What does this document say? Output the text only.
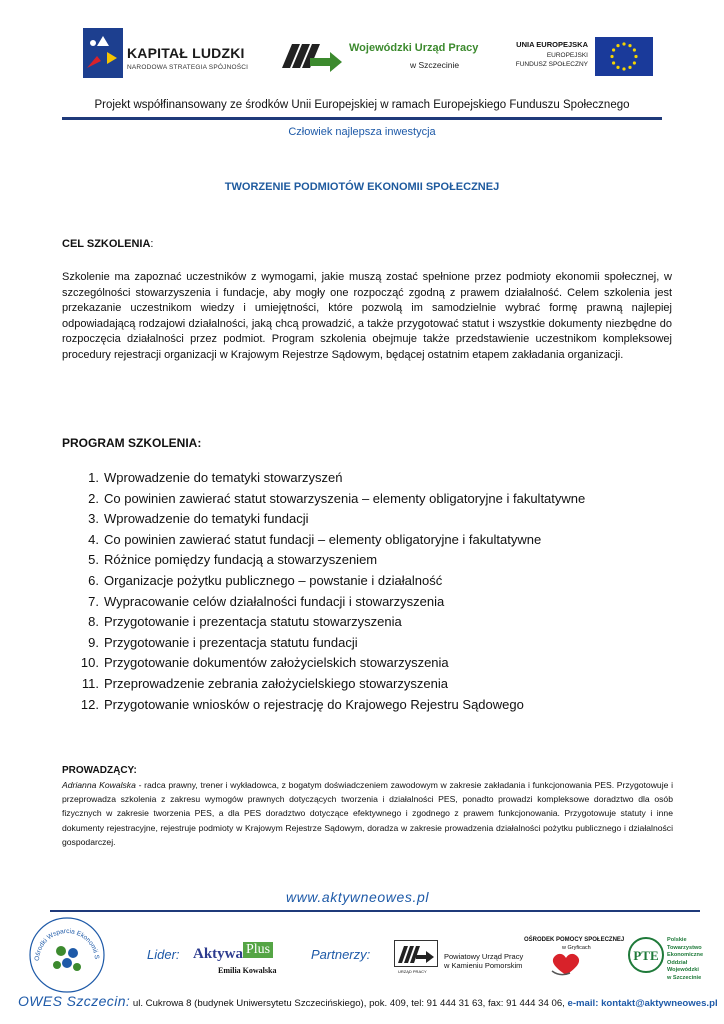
KAPITAŁ LUDZKI
NARODOWA STRATEGIA SPÓJNOŚCI
Wojewódzki Urząd Pracy
w Szczecinie
UNIA EUROPEJSKA
EUROPEJSKI
FUNDUSZ SPOŁECZNY
Projekt współfinansowany ze środków Unii Europejskiej w ramach Europejskiego Funduszu Społecznego
Człowiek najlepsza inwestycja
TWORZENIE PODMIOTÓW EKONOMII SPOŁECZNEJ
CEL SZKOLENIA:
Szkolenie ma zapoznać uczestników z wymogami, jakie muszą zostać spełnione przez podmioty ekonomii społecznej, w szczególności stowarzyszenia i fundacje, aby mogły one rozpocząć zgodną z prawem działalność. Celem szkolenia jest przekazanie uczestnikom wiedzy i umiejętności, które pozwolą im samodzielnie wybrać formę prawną najlepiej odpowiadającą rodzajowi działalności, jaką chcą prowadzić, a także przygotować statut i wszystkie dokumenty niezbędne do rozpoczęcia działalności przez podmiot. Program szkolenia obejmuje także przedstawienie uczestnikom kompleksowej procedury rejestracji organizacji w Krajowym Rejestrze Sądowym, będącej ostatnim etapem zakładania organizacji.
PROGRAM SZKOLENIA:
1. Wprowadzenie do tematyki stowarzyszeń
2. Co powinien zawierać statut stowarzyszenia – elementy obligatoryjne i fakultatywne
3. Wprowadzenie do tematyki fundacji
4. Co powinien zawierać statut fundacji – elementy obligatoryjne i fakultatywne
5. Różnice pomiędzy fundacją a stowarzyszeniem
6. Organizacje pożytku publicznego – powstanie i działalność
7. Wypracowanie celów działalności fundacji i stowarzyszenia
8. Przygotowanie i prezentacja statutu stowarzyszenia
9. Przygotowanie i prezentacja statutu fundacji
10. Przygotowanie dokumentów założycielskich stowarzyszenia
11. Przeprowadzenie zebrania założycielskiego stowarzyszenia
12. Przygotowanie wniosków o rejestrację do Krajowego Rejestru Sądowego
PROWADZĄCY:
Adrianna Kowalska - radca prawny, trener i wykładowca, z bogatym doświadczeniem zawodowym w zakresie zakładania i funkcjonowania PES. Przygotowuje i przeprowadza szkolenia z zakresu wymogów prawnych dotyczących tworzenia i działalności PES, ponadto prowadzi kompleksowe doradztwo dla osób fizycznych w zakresie tworzenia PES, a dla PES doradztwo dotyczące efektywnego i zgodnego z prawem funkcjonowania. Przygotowuje statuty i inne dokumenty rejestracyjne, rejestruje podmioty w Krajowym Rejestrze Sądowym, doradza w zakresie prowadzenia działalności pożytku publicznego i działalności gospodarczej.
www.aktywneowes.pl
Ośrodki Wsparcia Ekonomii S	Lider: Aktywa Plus
Emilia Kowalska
Partnerzy:
URZĄD PRACY
Powiatowy Urząd Pracy
w Kamieniu Pomorskim
OŚRODEK POMOCY SPOŁECZNEJ
w Gryficach	PTE
Polskie
Towarzystwo
Ekonomiczne
Oddział
Wojewódzki
w Szczecinie
OWES Szczecin: ul. Cukrowa 8 (budynek Uniwersytetu Szczecińskiego), pok. 409, tel: 91 444 31 63, fax: 91 444 34 06, e-mail: kontakt@aktywneowes.pl
